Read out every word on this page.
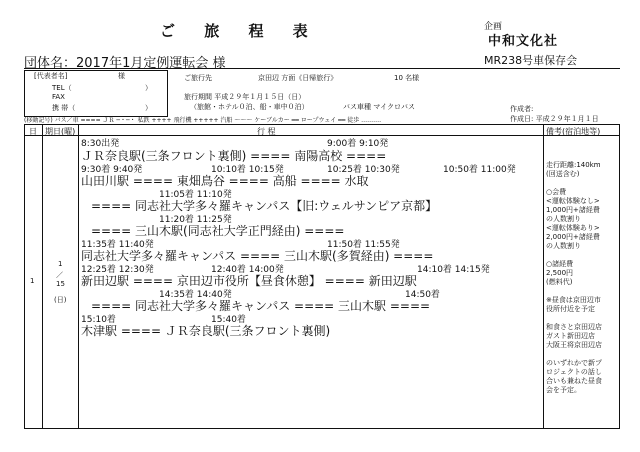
ご 旅 程 表	企画
中和文化社
MR238号車保存会
団体名：2017年1月定例運転会 様
[代表者名]	様
TEL（	）
FAX
携 帯（	）
ご旅行先	京田辺 方面《日帰旅行》	10 名様
旅行期間 平成２９年１月１５日（日）
（旅館・ホテル０泊、船・車中０泊）	バス車種 マイクロバス	作成者:
(移動記号) バス／車 ==== ＪＲ ─・─・ 私鉄 ++++ 飛行機 +++++ 汽船 ～～～ ケーブルカー ━━ ロープウェイ ━━ 徒歩 ‥‥‥‥‥	作成日: 平成２９年１月１日
日 期日(曜)	行 程	備考(宿泊地等)
1
1
／
15
(日)
8:30出発	9:00着 9:10発
ＪＲ奈良駅(三条フロント裏側) ==== 南陽高校 ====
9:30着 9:40発	10:10着 10:15発	10:25着 10:30発	10:50着 11:00発
山田川駅 ==== 東畑鳥谷 ==== 高船 ==== 水取
11:05着 11:10発
==== 同志社大学多々羅キャンパス【旧:ウェルサンピア京都】
11:20着 11:25発
==== 三山木駅(同志社大学正門経由) ====
11:35着 11:40発	11:50着 11:55発
同志社大学多々羅キャンパス ==== 三山木駅(多賀経由) ====
12:25着 12:30発	12:40着 14:00発	14:10着 14:15発
新田辺駅 ==== 京田辺市役所【昼食休憩】 ==== 新田辺駅
14:35着 14:40発	14:50着
==== 同志社大学多々羅キャンパス ==== 三山木駅 ====
15:10着	15:40着
木津駅 ==== ＪＲ奈良駅(三条フロント裏側)
走行距離:140km
(回送含む)

○会費
<運転体験なし>
1,000円+諸経費
の人数割り
<運転体験あり>
2,000円+諸経費
の人数割り

○諸経費
2,500円
(燃料代)

※昼食は京田辺市
役所付近を予定

和食さと京田辺店
ガスト新田辺店
大阪王将京田辺店

のいずれかで新プ
ロジェクトの話し
合いも兼ねた昼食
会を予定。
